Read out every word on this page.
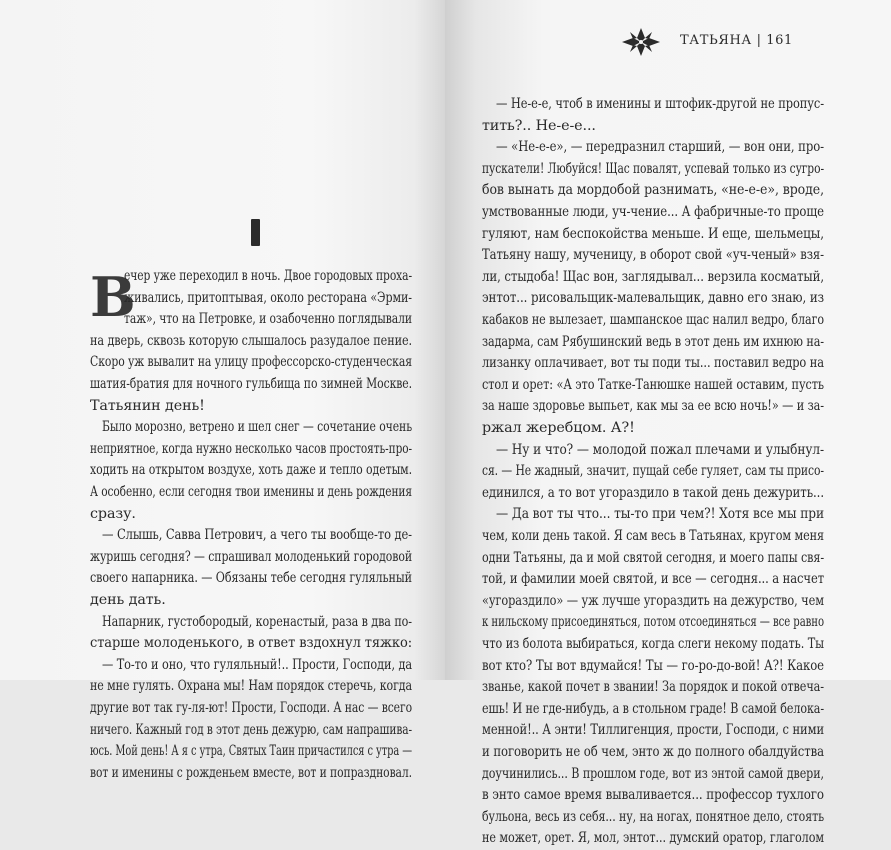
ТАТЬЯНА | 161
В
ечер уже переходил в ночь. Двое городовых проха-
живались, притоптывая, около ресторана «Эрми-
таж», что на Петровке, и озабоченно поглядывали
на дверь, сквозь которую слышалось разудалое пение.
Скоро уж вывалит на улицу профессорско-студенческая
шатия-братия для ночного гульбища по зимней Москве.
Татьянин день!
Было морозно, ветрено и шел снег — сочетание очень
неприятное, когда нужно несколько часов простоять-про-
ходить на открытом воздухе, хоть даже и тепло одетым.
А особенно, если сегодня твои именины и день рождения
сразу.
— Слышь, Савва Петрович, а чего ты вообще-то де-
журишь сегодня? — спрашивал молоденький городовой
своего напарника. — Обязаны тебе сегодня гуляльный
день дать.
Напарник, густобородый, коренастый, раза в два по-
старше молоденького, в ответ вздохнул тяжко:
— То-то и оно, что гуляльный!.. Прости, Господи, да
не мне гулять. Охрана мы! Нам порядок стеречь, когда
другие вот так гу-ля-ют! Прости, Господи. А нас — всего
ничего. Кажный год в этот день дежурю, сам напрашива-
юсь. Мой день! А я с утра, Святых Таин причастился с утра —
вот и именины с рожденьем вместе, вот и попраздновал.
— Не-е-е, чтоб в именины и штофик-другой не пропус-
тить?.. Не-е-е...
— «Не-е-е», — передразнил старший, — вон они, про-
пускатели! Любуйся! Щас повалят, успевай только из сугро-
бов вынать да мордобой разнимать, «не-е-е», вроде,
умствованные люди, уч-чение... А фабричные-то проще
гуляют, нам беспокойства меньше. И еще, шельмецы,
Татьяну нашу, мученицу, в оборот свой «уч-ченый» взя-
ли, стыдоба! Щас вон, заглядывал... верзила косматый,
энтот... рисовальщик-малевальщик, давно его знаю, из
кабаков не вылезает, шампанское щас налил ведро, благо
задарма, сам Рябушинский ведь в этот день им ихнюю на-
лизанку оплачивает, вот ты поди ты... поставил ведро на
стол и орет: «А это Татке-Танюшке нашей оставим, пусть
за наше здоровье выпьет, как мы за ее всю ночь!» — и за-
ржал жеребцом. А?!
— Ну и что? — молодой пожал плечами и улыбнул-
ся. — Не жадный, значит, пущай себе гуляет, сам ты присо-
единился, а то вот угораздило в такой день дежурить...
— Да вот ты что... ты-то при чем?! Хотя все мы при
чем, коли день такой. Я сам весь в Татьянах, кругом меня
одни Татьяны, да и мой святой сегодня, и моего папы свя-
той, и фамилии моей святой, и все — сегодня... а насчет
«угораздило» — уж лучше угораздить на дежурство, чем
к нильскому присоединяться, потом отсоединяться — все равно
что из болота выбираться, когда слеги некому подать. Ты
вот кто? Ты вот вдумайся! Ты — го-ро-до-вой! А?! Какое
званье, какой почет в звании! За порядок и покой отвеча-
ешь! И не где-нибудь, а в стольном граде! В самой белока-
менной!.. А энти! Тиллигенция, прости, Господи, с ними
и поговорить не об чем, энто ж до полного обалдуйства
доучинились... В прошлом годе, вот из энтой самой двери,
в энто самое время вываливается... профессор тухлого
бульона, весь из себя... ну, на ногах, понятное дело, стоять
не может, орет. Я, мол, энтот... думский оратор, глаголом
